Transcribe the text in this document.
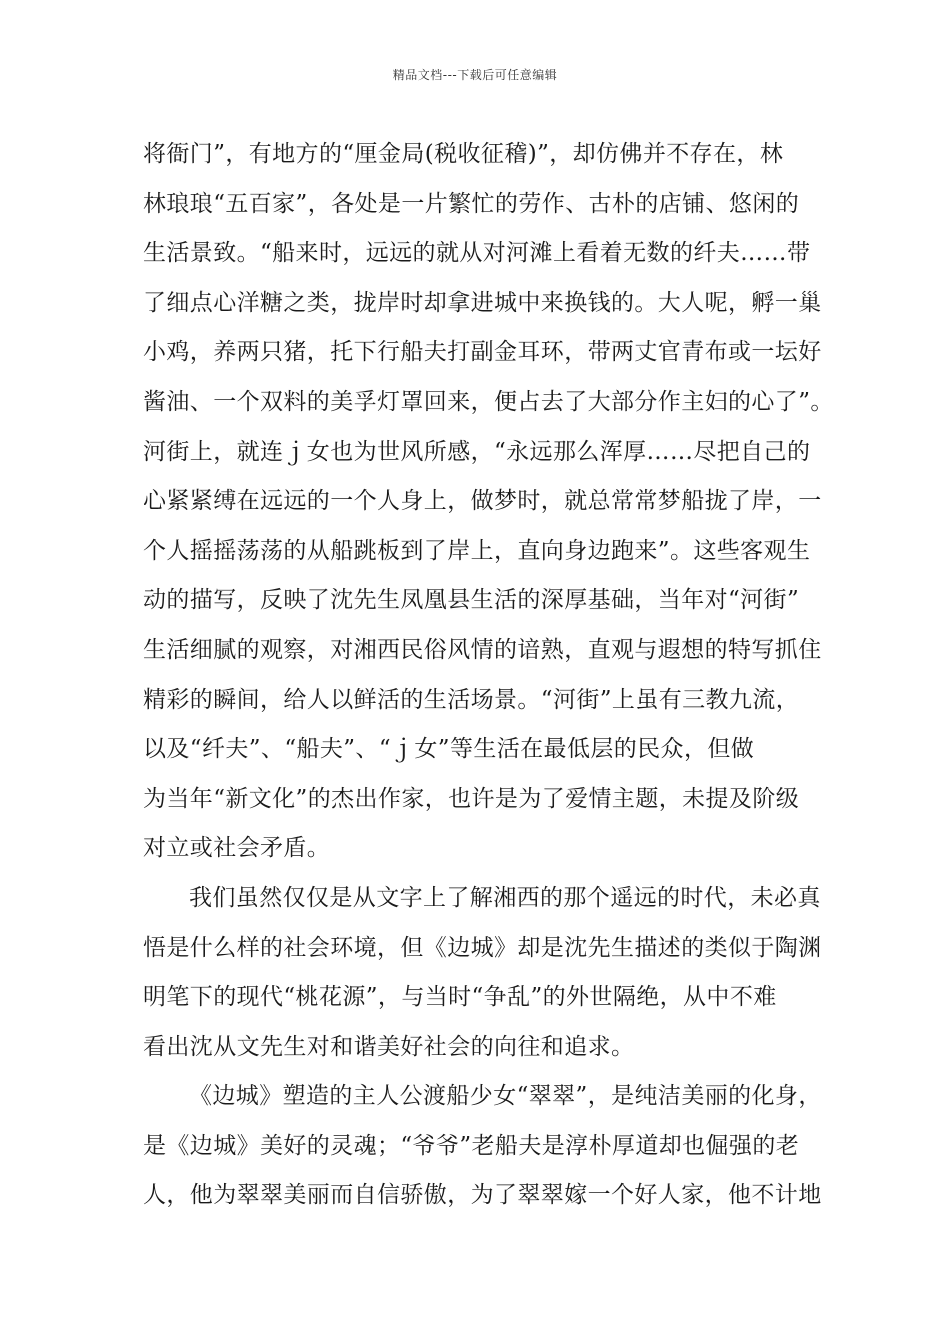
精品文档---下载后可任意编辑
将衙门”，有地方的“厘金局(税收征稽)”，却仿佛并不存在，林
林琅琅“五百家”，各处是一片繁忙的劳作、古朴的店铺、悠闲的
生活景致。“船来时，远远的就从对河滩上看着无数的纤夫……带
了细点心洋糖之类，拢岸时却拿进城中来换钱的。大人呢，孵一巢
小鸡，养两只猪，托下行船夫打副金耳环，带两丈官青布或一坛好
酱油、一个双料的美孚灯罩回来，便占去了大部分作主妇的心了”。
河街上，就连ｊ女也为世风所感，“永远那么浑厚……尽把自己的
心紧紧缚在远远的一个人身上，做梦时，就总常常梦船拢了岸，一
个人摇摇荡荡的从船跳板到了岸上，直向身边跑来”。这些客观生
动的描写，反映了沈先生凤凰县生活的深厚基础，当年对“河街”
生活细腻的观察，对湘西民俗风情的谙熟，直观与遐想的特写抓住
精彩的瞬间，给人以鲜活的生活场景。“河街”上虽有三教九流，
以及“纤夫”、“船夫”、“ｊ女”等生活在最低层的民众，但做
为当年“新文化”的杰出作家，也许是为了爱情主题，未提及阶级
对立或社会矛盾。
我们虽然仅仅是从文字上了解湘西的那个遥远的时代，未必真
悟是什么样的社会环境，但《边城》却是沈先生描述的类似于陶渊
明笔下的现代“桃花源”，与当时“争乱”的外世隔绝，从中不难
看出沈从文先生对和谐美好社会的向往和追求。
《边城》塑造的主人公渡船少女“翠翠”，是纯洁美丽的化身，
是《边城》美好的灵魂；“爷爷”老船夫是淳朴厚道却也倔强的老
人，他为翠翠美丽而自信骄傲，为了翠翠嫁一个好人家，他不计地
